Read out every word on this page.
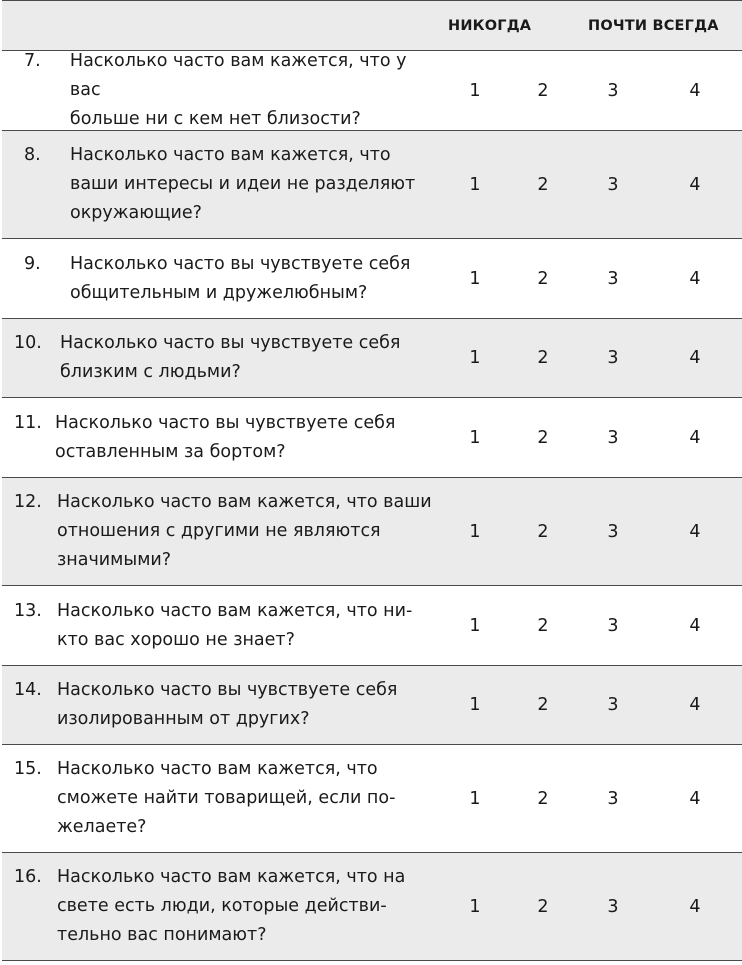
НИКОГДА	ПОЧТИ ВСЕГДА
7.	Насколько часто вам кажется, что у вас
больше ни с кем нет близости?
1	2	3	4
8.	Насколько часто вам кажется, что
ваши интересы и идеи не разделяют
окружающие?
1	2	3	4
9.	Насколько часто вы чувствуете себя
общительным и дружелюбным?
1	2	3	4
10.	Насколько часто вы чувствуете себя
близким с людьми?
1	2	3	4
11. Насколько часто вы чувствуете себя
оставленным за бортом?
1	2	3	4
12. Насколько часто вам кажется, что ваши
отношения с другими не являются
значимыми?
1	2	3	4
13. Насколько часто вам кажется, что ни-
кто вас хорошо не знает?
1	2	3	4
14. Насколько часто вы чувствуете себя
изолированным от других?
1	2	3	4
15. Насколько часто вам кажется, что
сможете найти товарищей, если по-
желаете?
1	2	3	4
16. Насколько часто вам кажется, что на
свете есть люди, которые действи-
тельно вас понимают?
1	2	3	4
